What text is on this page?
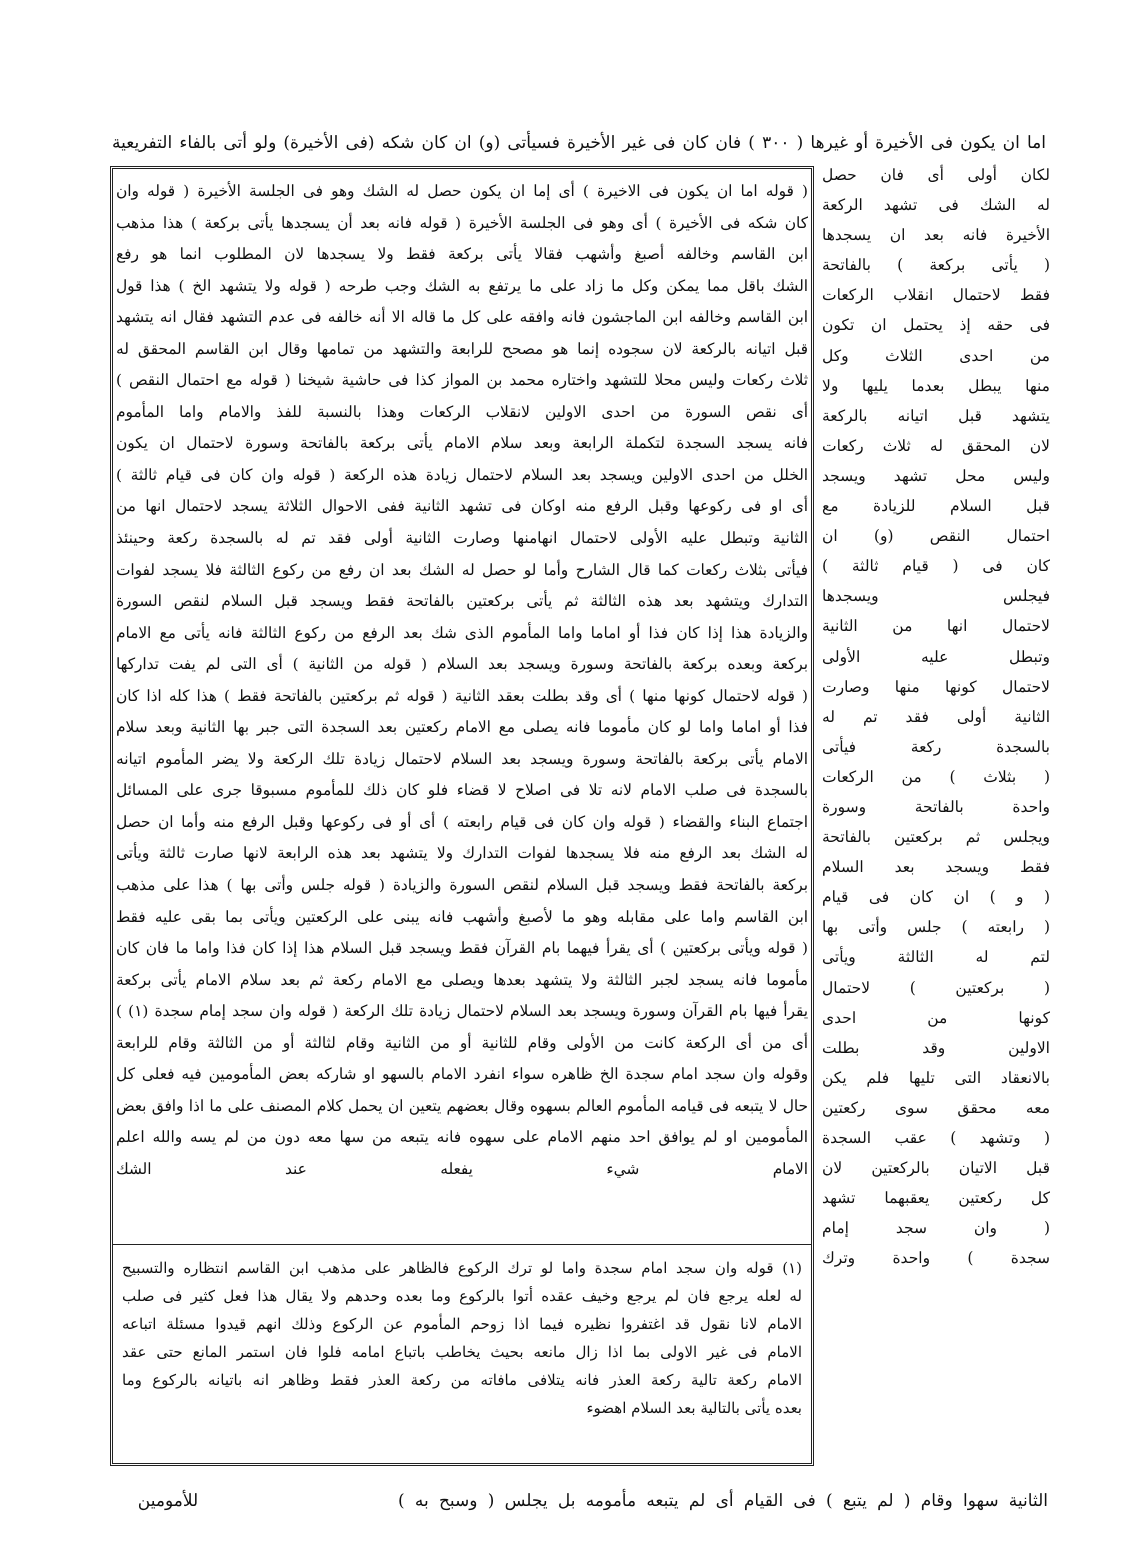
اما ان يكون فى الأخيرة أو غيرها ( ٣٠٠ ) فان كان فى غير الأخيرة فسيأتى (و) ان كان شكه (فى الأخيرة) ولو أتى بالفاء التفريعية
( قوله اما ان يكون فى الاخيرة ) أى إما ان يكون حصل له الشك وهو فى الجلسة الأخيرة ( قوله وان
كان شكه فى الأخيرة ) أى وهو فى الجلسة الأخيرة ( قوله فانه بعد أن يسجدها يأتى بركعة ) هذا مذهب
ابن القاسم وخالفه أصبغ وأشهب فقالا يأتى بركعة فقط ولا يسجدها لان المطلوب انما هو رفع
الشك باقل مما يمكن وكل ما زاد على ما يرتفع به الشك وجب طرحه ( قوله ولا يتشهد الخ ) هذا قول
ابن القاسم وخالفه ابن الماجشون فانه وافقه على كل ما قاله الا أنه خالفه فى عدم التشهد فقال انه يتشهد
قبل اتيانه بالركعة لان سجوده إنما هو مصحح للرابعة والتشهد من تمامها وقال ابن القاسم المحقق له
ثلاث ركعات وليس محلا للتشهد واختاره محمد بن المواز كذا فى حاشية شيخنا ( قوله مع احتمال النقص )
أى نقص السورة من احدى الاولين لانقلاب الركعات وهذا بالنسبة للفذ والامام واما المأموم
فانه يسجد السجدة لتكملة الرابعة وبعد سلام الامام يأتى بركعة بالفاتحة وسورة لاحتمال ان يكون
الخلل من احدى الاولين ويسجد بعد السلام لاحتمال زيادة هذه الركعة ( قوله وان كان فى قيام ثالثة )
أى او فى ركوعها وقبل الرفع منه اوكان فى تشهد الثانية ففى الاحوال الثلاثة يسجد لاحتمال انها من
الثانية وتبطل عليه الأولى لاحتمال انهامنها وصارت الثانية أولى فقد تم له بالسجدة ركعة وحينئذ
فيأتى بثلاث ركعات كما قال الشارح وأما لو حصل له الشك بعد ان رفع من ركوع الثالثة فلا يسجد لفوات
التدارك ويتشهد بعد هذه الثالثة ثم يأتى بركعتين بالفاتحة فقط ويسجد قبل السلام لنقص السورة
والزيادة هذا إذا كان فذا أو اماما واما المأموم الذى شك بعد الرفع من ركوع الثالثة فانه يأتى مع الامام
بركعة وبعده بركعة بالفاتحة وسورة ويسجد بعد السلام ( قوله من الثانية ) أى التى لم يفت تداركها
( قوله لاحتمال كونها منها ) أى وقد بطلت بعقد الثانية ( قوله ثم بركعتين بالفاتحة فقط ) هذا كله اذا كان
فذا أو اماما واما لو كان مأموما فانه يصلى مع الامام ركعتين بعد السجدة التى جبر بها الثانية وبعد سلام
الامام يأتى بركعة بالفاتحة وسورة ويسجد بعد السلام لاحتمال زيادة تلك الركعة ولا يضر المأموم اتيانه
بالسجدة فى صلب الامام لانه تلا فى اصلاح لا قضاء فلو كان ذلك للمأموم مسبوقا جرى على المسائل
اجتماع البناء والقضاء ( قوله وان كان فى قيام رابعته ) أى أو فى ركوعها وقبل الرفع منه وأما ان حصل
له الشك بعد الرفع منه فلا يسجدها لفوات التدارك ولا يتشهد بعد هذه الرابعة لانها صارت ثالثة ويأتى
بركعة بالفاتحة فقط ويسجد قبل السلام لنقص السورة والزيادة ( قوله جلس وأتى بها ) هذا على مذهب
ابن القاسم واما على مقابله وهو ما لأصبغ وأشهب فانه يبنى على الركعتين ويأتى بما بقى عليه فقط
( قوله ويأتى بركعتين ) أى يقرأ فيهما بام القرآن فقط ويسجد قبل السلام هذا إذا كان فذا واما ما فان كان
مأموما فانه يسجد لجبر الثالثة ولا يتشهد بعدها ويصلى مع الامام ركعة ثم بعد سلام الامام يأتى بركعة
يقرأ فيها بام القرآن وسورة ويسجد بعد السلام لاحتمال زيادة تلك الركعة ( قوله وان سجد إمام سجدة (١) )
أى من أى الركعة كانت من الأولى وقام للثانية أو من الثانية وقام لثالثة أو من الثالثة وقام للرابعة
وقوله وان سجد امام سجدة الخ ظاهره سواء انفرد الامام بالسهو او شاركه بعض المأمومين فيه فعلى كل
حال لا يتبعه فى قيامه المأموم العالم بسهوه وقال بعضهم يتعين ان يحمل كلام المصنف على ما اذا وافق بعض
المأمومين او لم يوافق احد منهم الامام على سهوه فانه يتبعه من سها معه دون من لم يسه والله اعلم
الامام شيء يفعله عند الشك
(١) قوله وان سجد امام سجدة واما لو ترك الركوع فالظاهر على مذهب ابن القاسم انتظاره والتسبيح
له لعله يرجع فان لم يرجع وخيف عقده أتوا بالركوع وما بعده وحدهم ولا يقال هذا فعل كثير فى صلب
الامام لانا نقول قد اغتفروا نظيره فيما اذا زوحم المأموم عن الركوع وذلك انهم قيدوا مسئلة اتباعه
الامام فى غير الاولى بما اذا زال مانعه بحيث يخاطب باتباع امامه فلوا فان استمر المانع حتى عقد
الامام ركعة تالية ركعة العذر فانه يتلافى مافاته من ركعة العذر فقط وظاهر انه باتيانه بالركوع وما
بعده يأتى بالتالية بعد السلام اهضوء
لكان أولى أى فان حصل
له الشك فى تشهد الركعة
الأخيرة فانه بعد ان يسجدها
( يأتى بركعة ) بالفاتحة
فقط لاحتمال انقلاب الركعات
فى حقه إذ يحتمل ان تكون
من احدى الثلاث وكل
منها يبطل بعدما يليها ولا
يتشهد قبل اتيانه بالركعة
لان المحقق له ثلاث ركعات
وليس محل تشهد ويسجد
قبل السلام للزيادة مع
احتمال النقص (و) ان
كان فى ( قيام ثالثة )
فيجلس ويسجدها
لاحتمال انها من الثانية
وتبطل عليه الأولى
لاحتمال كونها منها وصارت
الثانية أولى فقد تم له
بالسجدة ركعة فيأتى
( بثلاث ) من الركعات
واحدة بالفاتحة وسورة
ويجلس ثم بركعتين بالفاتحة
فقط ويسجد بعد السلام
( و ) ان كان فى قيام
( رابعته ) جلس وأتى بها
لتم له الثالثة ويأتى
( بركعتين ) لاحتمال
كونها من احدى
الاولين وقد بطلت
بالانعقاد التى تليها فلم يكن
معه محقق سوى ركعتين
( وتشهد ) عقب السجدة
قبل الاتيان بالركعتين لان
كل ركعتين يعقبهما تشهد
( وان سجد إمام
سجدة ) واحدة وترك
الثانية سهوا وقام ( لم يتبع ) فى القيام أى لم يتبعه مأمومه بل يجلس ( وسبح به )
للأمومين
